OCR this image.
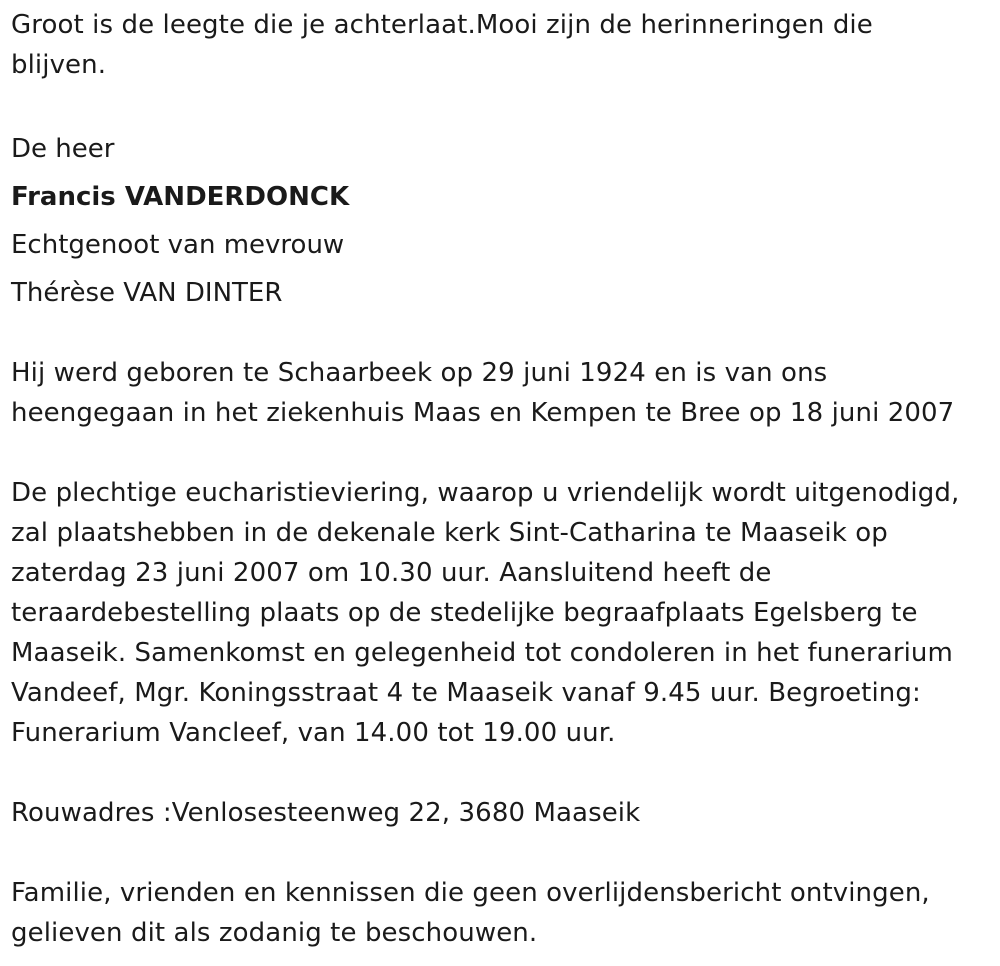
Groot is de leegte die je achterlaat.Mooi zijn de herinneringen die
blijven.

De heer

Francis VANDERDONCK

Echtgenoot van mevrouw

Thérèse VAN DINTER

Hij werd geboren te Schaarbeek op 29 juni 1924 en is van ons
heengegaan in het ziekenhuis Maas en Kempen te Bree op 18 juni 2007

De plechtige eucharistieviering, waarop u vriendelijk wordt uitgenodigd,
zal plaatshebben in de dekenale kerk Sint-Catharina te Maaseik op
zaterdag 23 juni 2007 om 10.30 uur. Aansluitend heeft de
teraardebestelling plaats op de stedelijke begraafplaats Egelsberg te
Maaseik. Samenkomst en gelegenheid tot condoleren in het funerarium
Vandeef, Mgr. Koningsstraat 4 te Maaseik vanaf 9.45 uur. Begroeting:
Funerarium Vancleef, van 14.00 tot 19.00 uur.

Rouwadres :Venlosesteenweg 22, 3680 Maaseik

Familie, vrienden en kennissen die geen overlijdensbericht ontvingen,
gelieven dit als zodanig te beschouwen.
